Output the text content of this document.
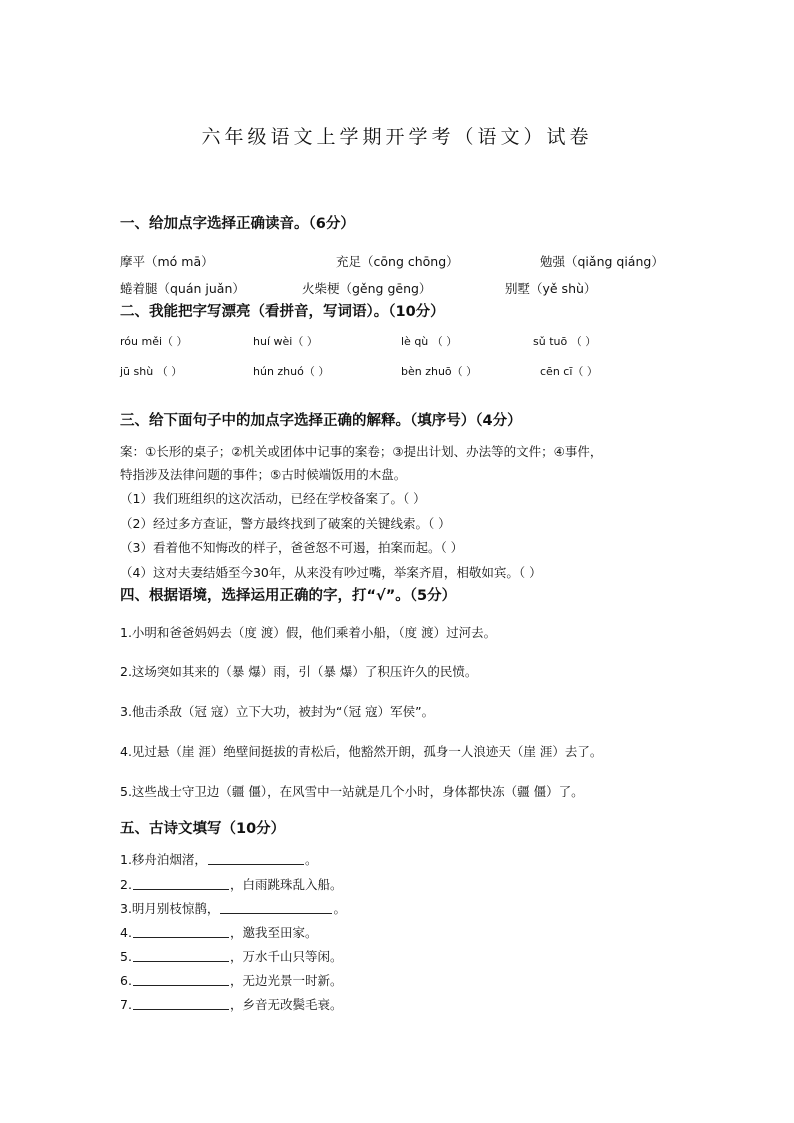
六年级语文上学期开学考（语文）试卷
一、给加点字选择正确读音。（6分）
摩平（mó mā）	充足（cōng chōng）	勉强（qiǎng qiáng）
蜷着腿（quán juǎn）	火柴梗（gěng gēng）	别墅（yě shù）
二、我能把字写漂亮（看拼音，写词语）。（10分）
róu měi（ ）	huí wèi（ ）	lè qù （ ）	sǔ tuō （ ）
jū shù （ ）	hún zhuó（ ）	bèn zhuō（ ）	cēn cī（ ）
三、给下面句子中的加点字选择正确的解释。（填序号）（4分）
案：①长形的桌子；②机关或团体中记事的案卷；③提出计划、办法等的文件；④事件，
特指涉及法律问题的事件；⑤古时候端饭用的木盘。
（1）我们班组织的这次活动，已经在学校备案了。（ ）
（2）经过多方查证，警方最终找到了破案的关键线索。（ ）
（3）看着他不知悔改的样子，爸爸怒不可遏，拍案而起。（ ）
（4）这对夫妻结婚至今30年，从来没有吵过嘴，举案齐眉，相敬如宾。（ ）
四、根据语境，选择运用正确的字，打“√”。（5分）
1.小明和爸爸妈妈去（度 渡）假，他们乘着小船，（度 渡）过河去。
2.这场突如其来的（暴 爆）雨，引（暴 爆）了积压许久的民愤。
3.他击杀敌（冠 寇）立下大功，被封为“（冠 寇）军侯”。
4.见过悬（崖 涯）绝壁间挺拔的青松后，他豁然开朗，孤身一人浪迹天（崖 涯）去了。
5.这些战士守卫边（疆 僵），在风雪中一站就是几个小时，身体都快冻（疆 僵）了。
五、古诗文填写（10分）
1.移舟泊烟渚，	。
2.	，白雨跳珠乱入船。
3.明月别枝惊鹊，	。
4.	，邀我至田家。
5.	，万水千山只等闲。
6.	，无边光景一时新。
7.	，乡音无改鬓毛衰。
